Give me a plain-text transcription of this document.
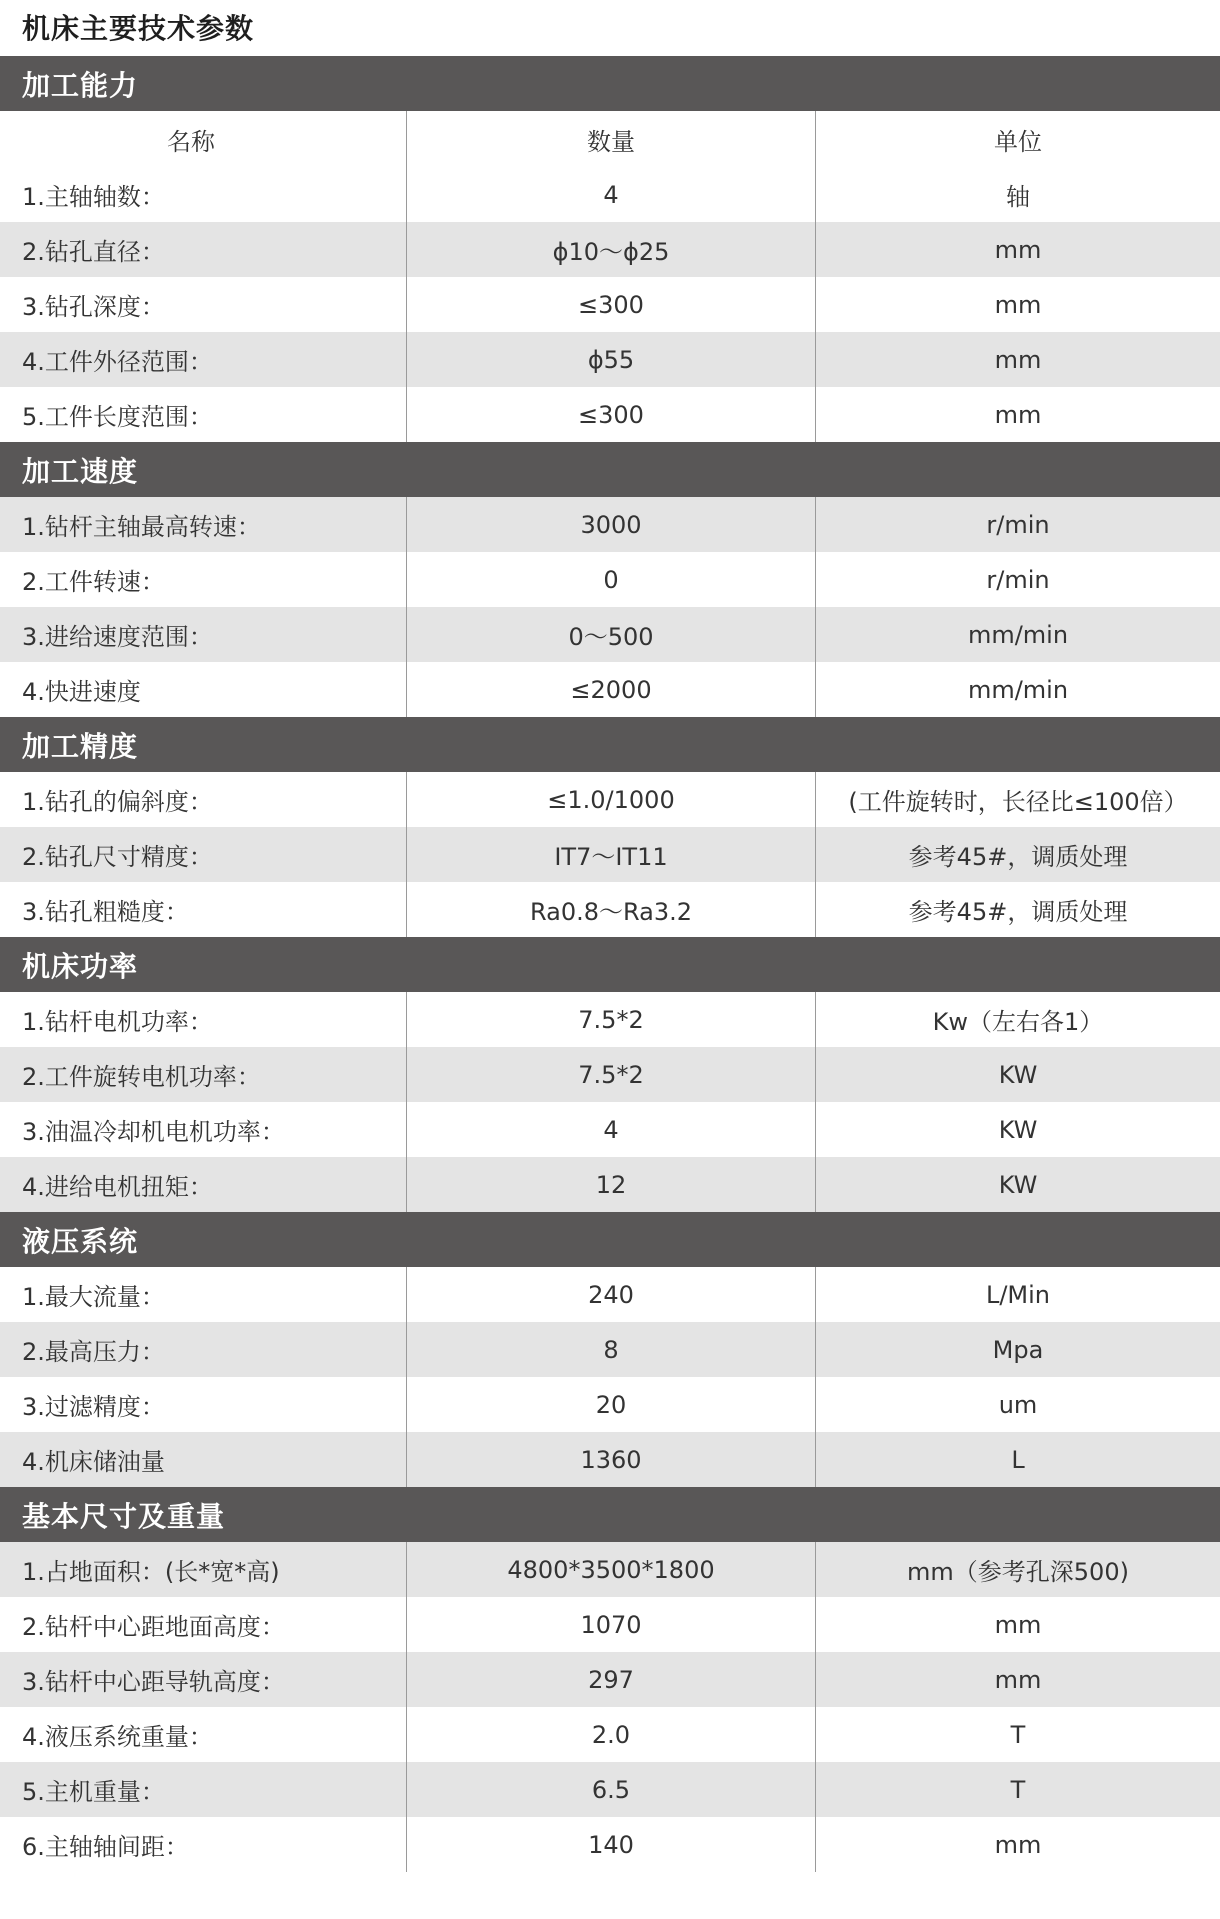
机床主要技术参数
加工能力
名称	数量	单位
1.主轴轴数：	4	轴
2.钻孔直径：	ϕ10～ϕ25	mm
3.钻孔深度：	≤300	mm
4.工件外径范围：	ϕ55	mm
5.工件长度范围：	≤300	mm
加工速度
1.钻杆主轴最高转速：	3000	r/min
2.工件转速：	0	r/min
3.进给速度范围：	0～500	mm/min
4.快进速度	≤2000	mm/min
加工精度
1.钻孔的偏斜度：	≤1.0/1000	(工件旋转时，长径比≤100倍）
2.钻孔尺寸精度：	IT7～IT11	参考45#，调质处理
3.钻孔粗糙度：	Ra0.8～Ra3.2	参考45#，调质处理
机床功率
1.钻杆电机功率：	7.5*2	Kw（左右各1）
2.工件旋转电机功率：	7.5*2	KW
3.油温冷却机电机功率：	4	KW
4.进给电机扭矩：	12	KW
液压系统
1.最大流量：	240	L/Min
2.最高压力：	8	Mpa
3.过滤精度：	20	um
4.机床储油量	1360	L
基本尺寸及重量
1.占地面积：(长*宽*高)	4800*3500*1800	mm（参考孔深500)
2.钻杆中心距地面高度：	1070	mm
3.钻杆中心距导轨高度：	297	mm
4.液压系统重量：	2.0	T
5.主机重量：	6.5	T
6.主轴轴间距：	140	mm
